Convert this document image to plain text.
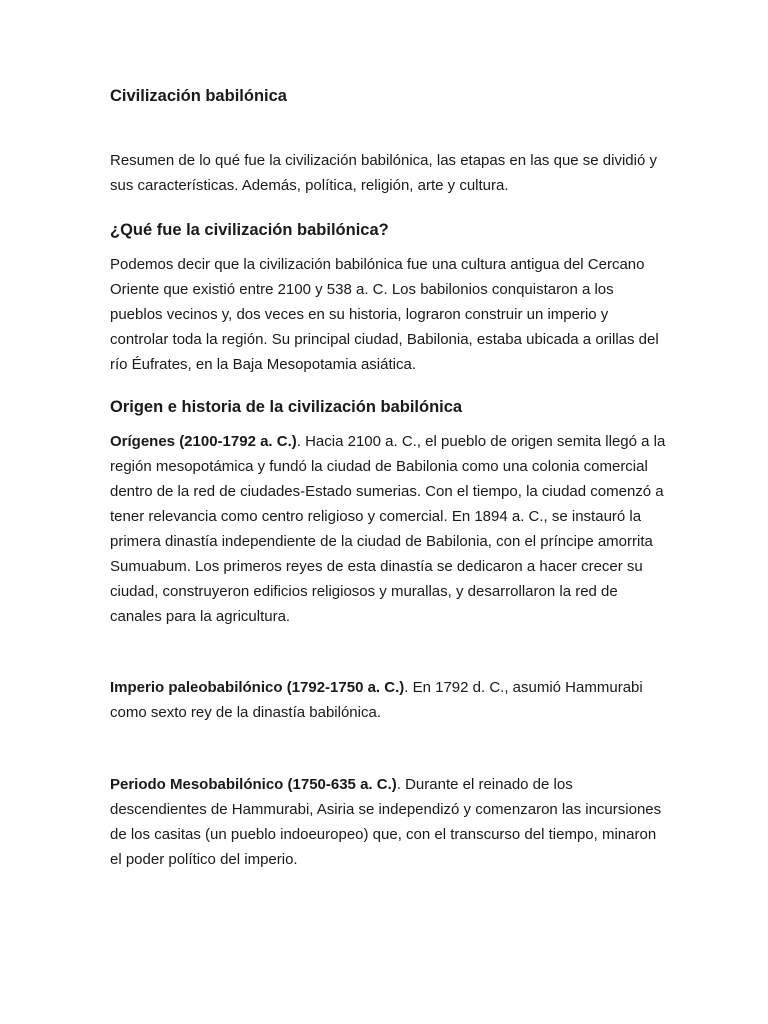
Civilización babilónica

Resumen de lo qué fue la civilización babilónica, las etapas en las que se dividió y sus características. Además, política, religión, arte y cultura.

¿Qué fue la civilización babilónica?

Podemos decir que la civilización babilónica fue una cultura antigua del Cercano Oriente que existió entre 2100 y 538 a. C. Los babilonios conquistaron a los pueblos vecinos y, dos veces en su historia, lograron construir un imperio y controlar toda la región. Su principal ciudad, Babilonia, estaba ubicada a orillas del río Éufrates, en la Baja Mesopotamia asiática.

Origen e historia de la civilización babilónica

Orígenes (2100-1792 a. C.). Hacia 2100 a. C., el pueblo de origen semita llegó a la región mesopotámica y fundó la ciudad de Babilonia como una colonia comercial dentro de la red de ciudades-Estado sumerias. Con el tiempo, la ciudad comenzó a tener relevancia como centro religioso y comercial. En 1894 a. C., se instauró la primera dinastía independiente de la ciudad de Babilonia, con el príncipe amorrita Sumuabum. Los primeros reyes de esta dinastía se dedicaron a hacer crecer su ciudad, construyeron edificios religiosos y murallas, y desarrollaron la red de canales para la agricultura.

Imperio paleobabilónico (1792-1750 a. C.). En 1792 d. C., asumió Hammurabi como sexto rey de la dinastía babilónica.

Periodo Mesobabilónico (1750-635 a. C.). Durante el reinado de los descendientes de Hammurabi, Asiria se independizó y comenzaron las incursiones de los casitas (un pueblo indoeuropeo) que, con el transcurso del tiempo, minaron el poder político del imperio.
